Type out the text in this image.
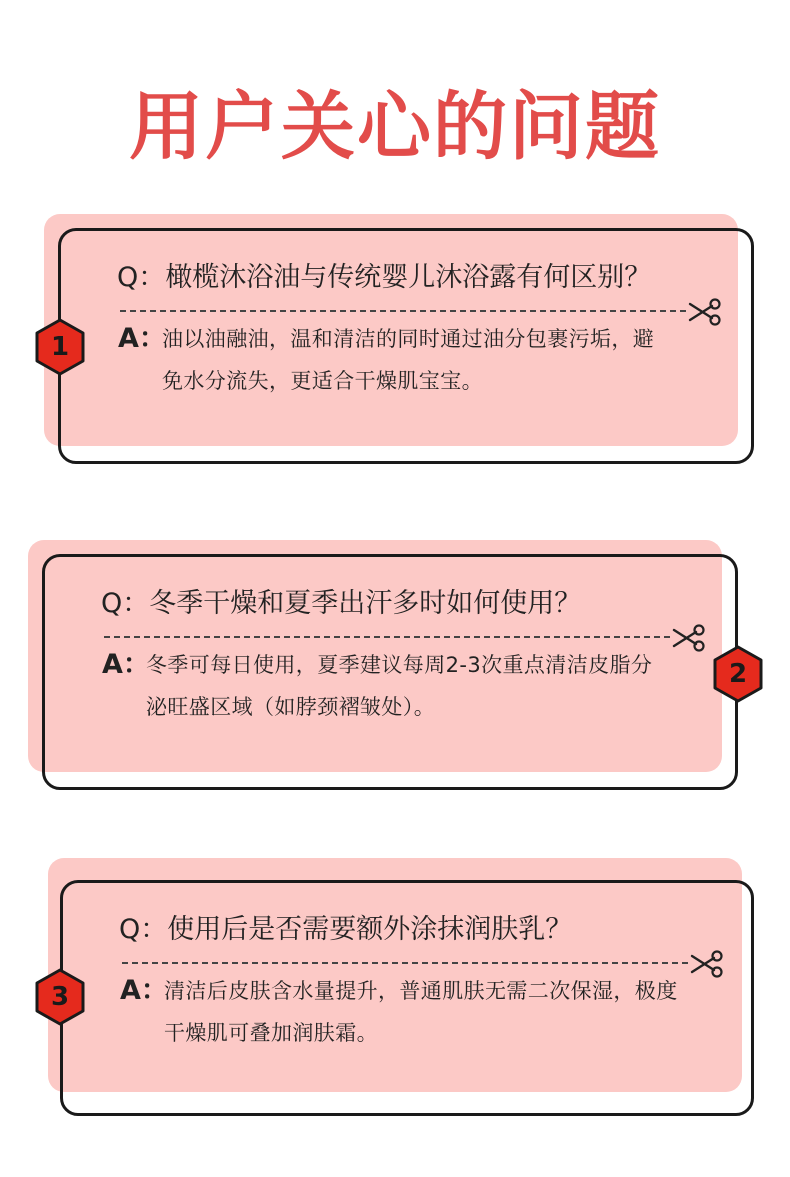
用户关心的问题
Q：橄榄沐浴油与传统婴儿沐浴露有何区别？
A：
油以油融油，温和清洁的同时通过油分包裹污垢，避
免水分流失，更适合干燥肌宝宝。
1
Q：冬季干燥和夏季出汗多时如何使用？
A：
冬季可每日使用，夏季建议每周2-3次重点清洁皮脂分
泌旺盛区域（如脖颈褶皱处）。
2
Q：使用后是否需要额外涂抹润肤乳？
A：
清洁后皮肤含水量提升，普通肌肤无需二次保湿，极度
干燥肌可叠加润肤霜。
3
